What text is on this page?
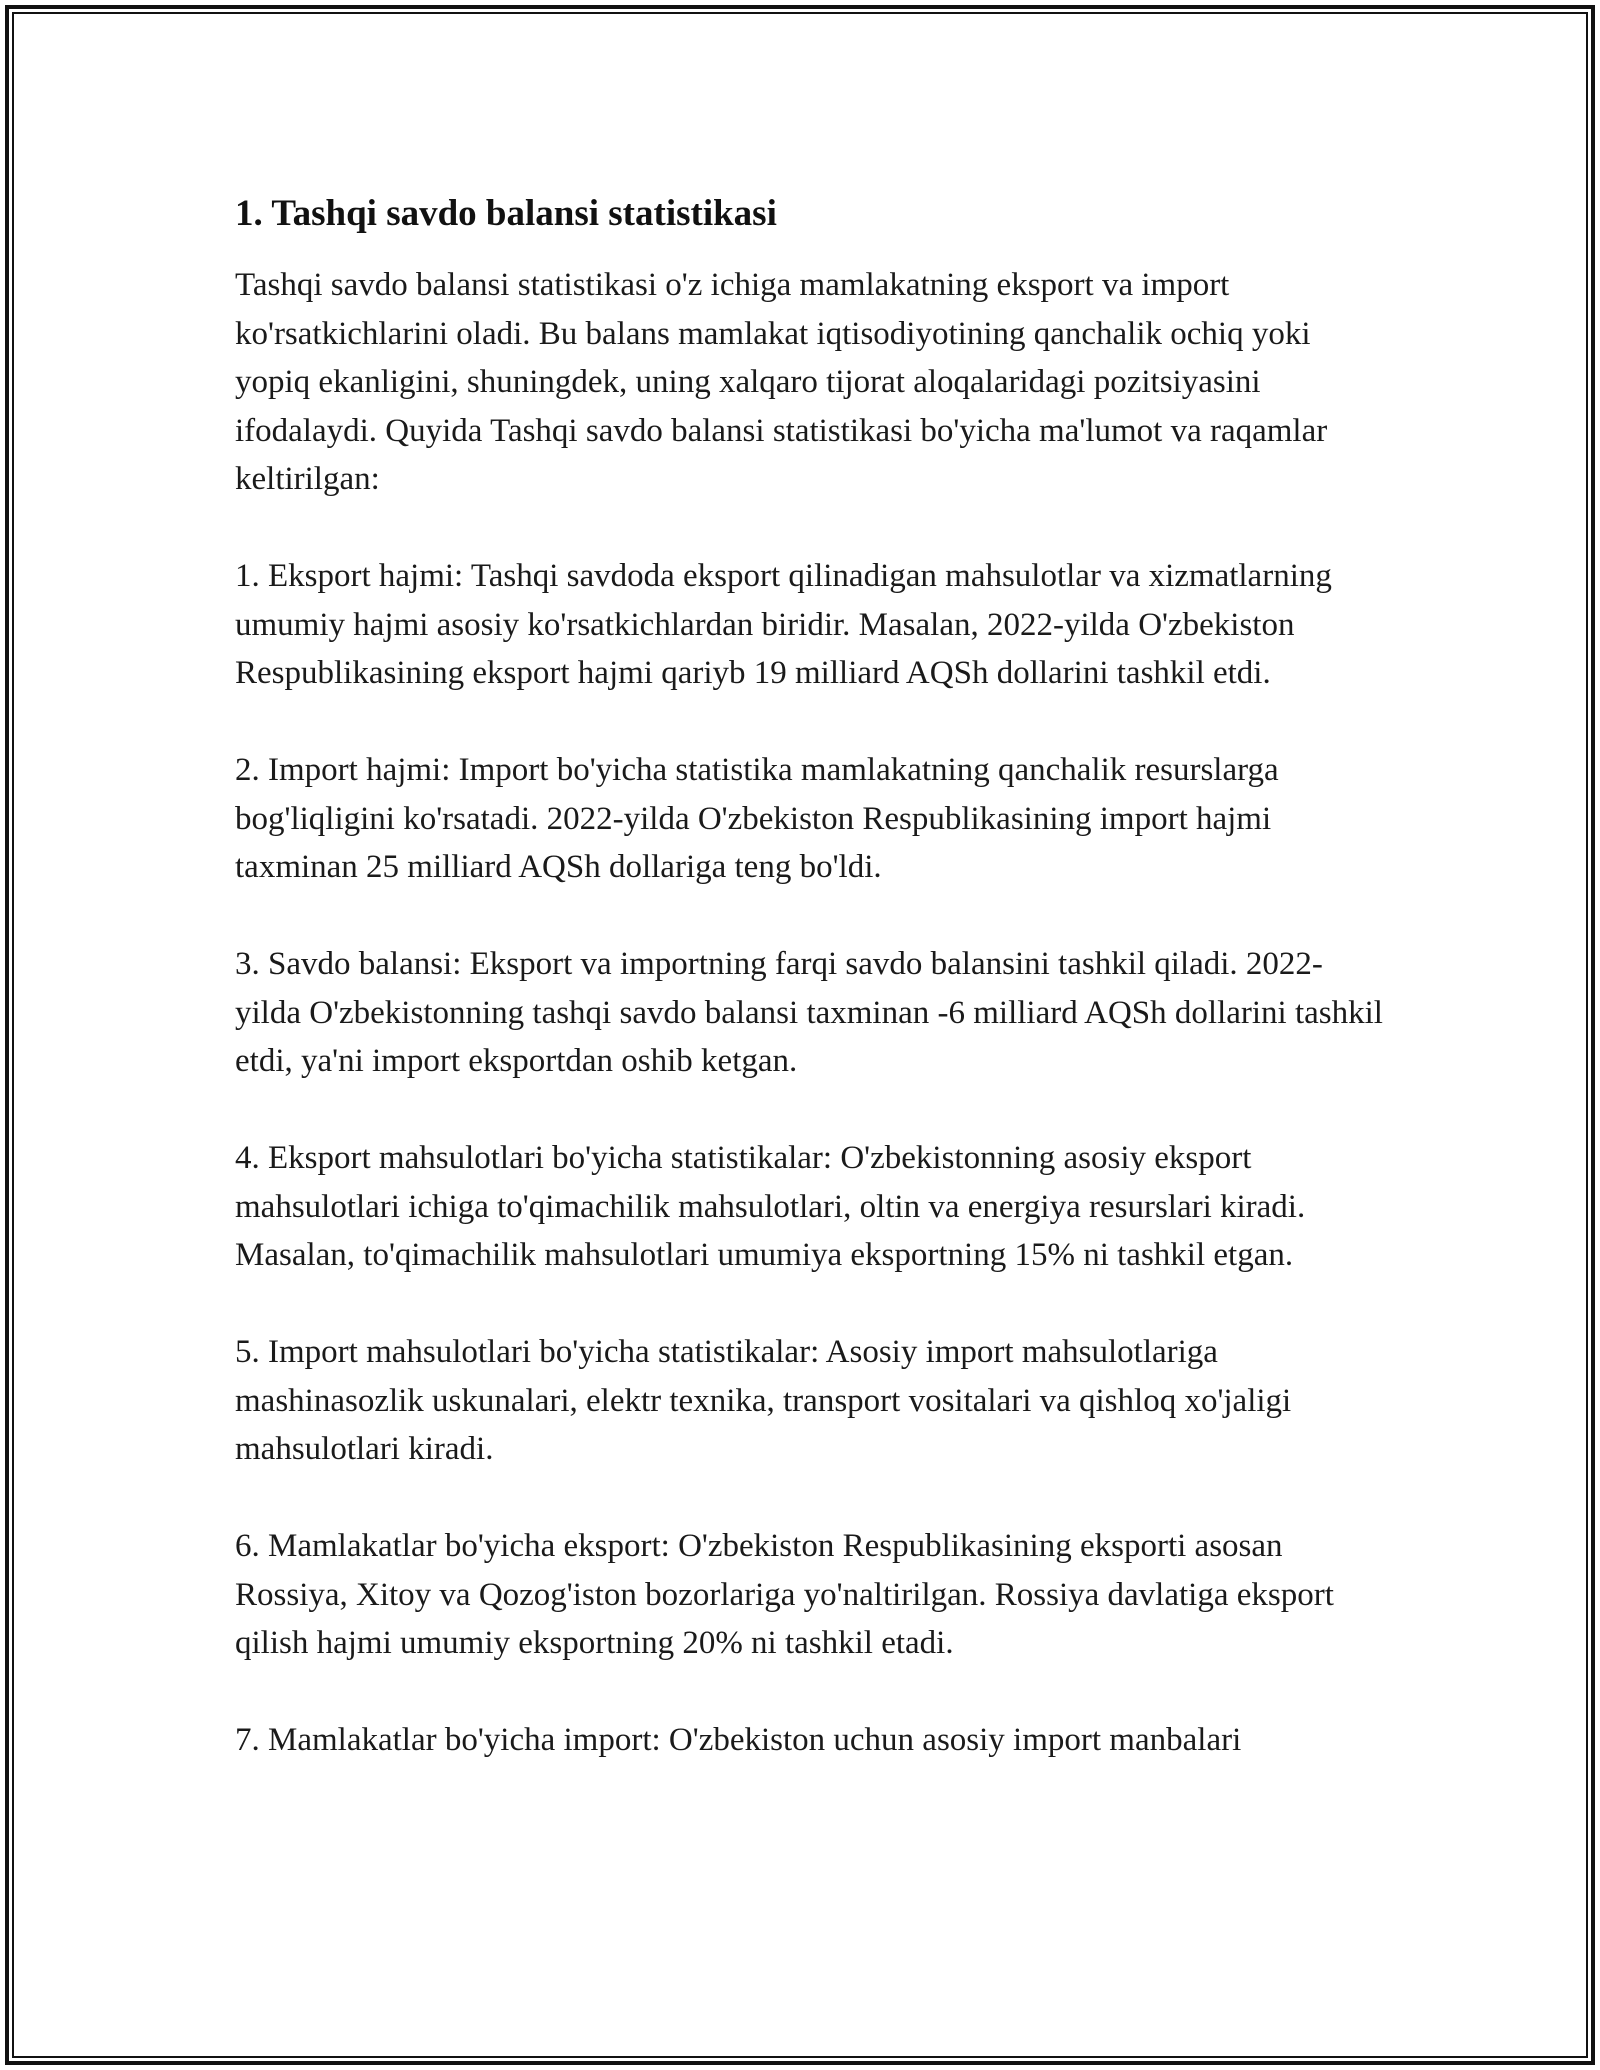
1. Tashqi savdo balansi statistikasi

Tashqi savdo balansi statistikasi o'z ichiga mamlakatning eksport va import ko'rsatkichlarini oladi. Bu balans mamlakat iqtisodiyotining qanchalik ochiq yoki yopiq ekanligini, shuningdek, uning xalqaro tijorat aloqalaridagi pozitsiyasini ifodalaydi. Quyida Tashqi savdo balansi statistikasi bo'yicha ma'lumot va raqamlar keltirilgan:

1. Eksport hajmi: Tashqi savdoda eksport qilinadigan mahsulotlar va xizmatlarning umumiy hajmi asosiy ko'rsatkichlardan biridir. Masalan, 2022-yilda O'zbekiston Respublikasining eksport hajmi qariyb 19 milliard AQSh dollarini tashkil etdi.

2. Import hajmi: Import bo'yicha statistika mamlakatning qanchalik resurslarga bog'liqligini ko'rsatadi. 2022-yilda O'zbekiston Respublikasining import hajmi taxminan 25 milliard AQSh dollariga teng bo'ldi.

3. Savdo balansi: Eksport va importning farqi savdo balansini tashkil qiladi. 2022-yilda O'zbekistonning tashqi savdo balansi taxminan -6 milliard AQSh dollarini tashkil etdi, ya'ni import eksportdan oshib ketgan.

4. Eksport mahsulotlari bo'yicha statistikalar: O'zbekistonning asosiy eksport mahsulotlari ichiga to'qimachilik mahsulotlari, oltin va energiya resurslari kiradi. Masalan, to'qimachilik mahsulotlari umumiya eksportning 15% ni tashkil etgan.

5. Import mahsulotlari bo'yicha statistikalar: Asosiy import mahsulotlariga mashinasozlik uskunalari, elektr texnika, transport vositalari va qishloq xo'jaligi mahsulotlari kiradi.

6. Mamlakatlar bo'yicha eksport: O'zbekiston Respublikasining eksporti asosan Rossiya, Xitoy va Qozog'iston bozorlariga yo'naltirilgan. Rossiya davlatiga eksport qilish hajmi umumiy eksportning 20% ni tashkil etadi.

7. Mamlakatlar bo'yicha import: O'zbekiston uchun asosiy import manbalari
